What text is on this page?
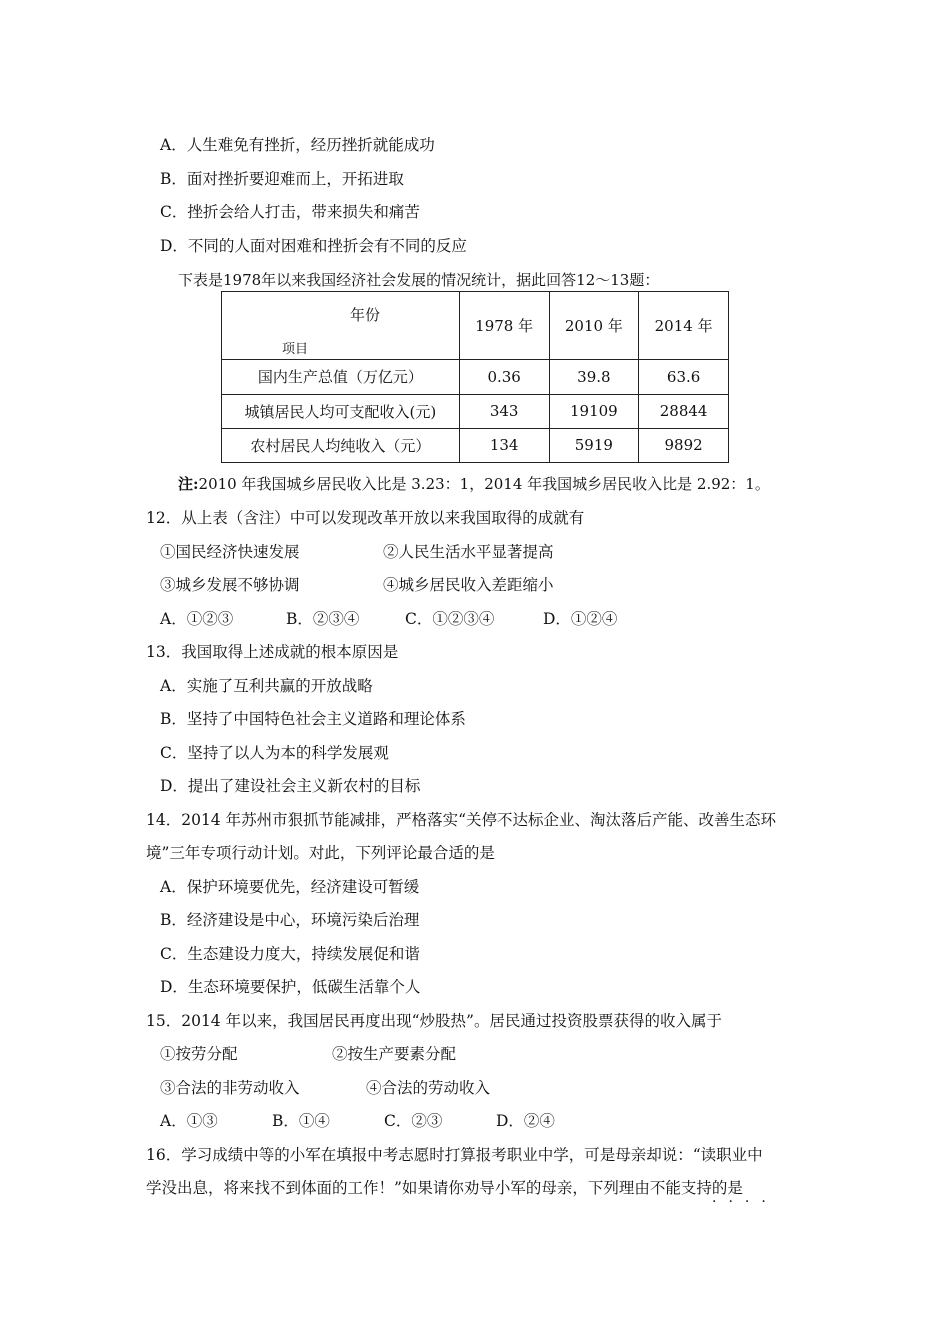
A．人生难免有挫折，经历挫折就能成功
B．面对挫折要迎难而上，开拓进取
C．挫折会给人打击，带来损失和痛苦
D．不同的人面对困难和挫折会有不同的反应
下表是1978年以来我国经济社会发展的情况统计，据此回答12～13题：
年份
项目	1978 年	2010 年	2014 年
国内生产总值（万亿元）	0.36	39.8	63.6
城镇居民人均可支配收入(元)	343	19109	28844
农村居民人均纯收入（元）	134	5919	9892
注:2010 年我国城乡居民收入比是 3.23：1，2014 年我国城乡居民收入比是 2.92：1。
12．从上表（含注）中可以发现改革开放以来我国取得的成就有
①国民经济快速发展	②人民生活水平显著提高
③城乡发展不够协调	④城乡居民收入差距缩小
A．①②③	B．②③④	C．①②③④	D．①②④
13．我国取得上述成就的根本原因是
A．实施了互利共赢的开放战略
B．坚持了中国特色社会主义道路和理论体系
C．坚持了以人为本的科学发展观
D．提出了建设社会主义新农村的目标
14．2014 年苏州市狠抓节能减排，严格落实“关停不达标企业、淘汰落后产能、改善生态环
境”三年专项行动计划。对此，下列评论最合适的是
A．保护环境要优先，经济建设可暂缓
B．经济建设是中心，环境污染后治理
C．生态建设力度大，持续发展促和谐
D．生态环境要保护，低碳生活靠个人
15．2014 年以来，我国居民再度出现“炒股热”。居民通过投资股票获得的收入属于
①按劳分配	②按生产要素分配
③合法的非劳动收入	④合法的劳动收入
A．①③	B．①④	C．②③	D．②④
16．学习成绩中等的小军在填报中考志愿时打算报考职业中学，可是母亲却说：“读职业中
学没出息，将来找不到体面的工作！”如果请你劝导小军的母亲，下列理由不能支持的是
····
